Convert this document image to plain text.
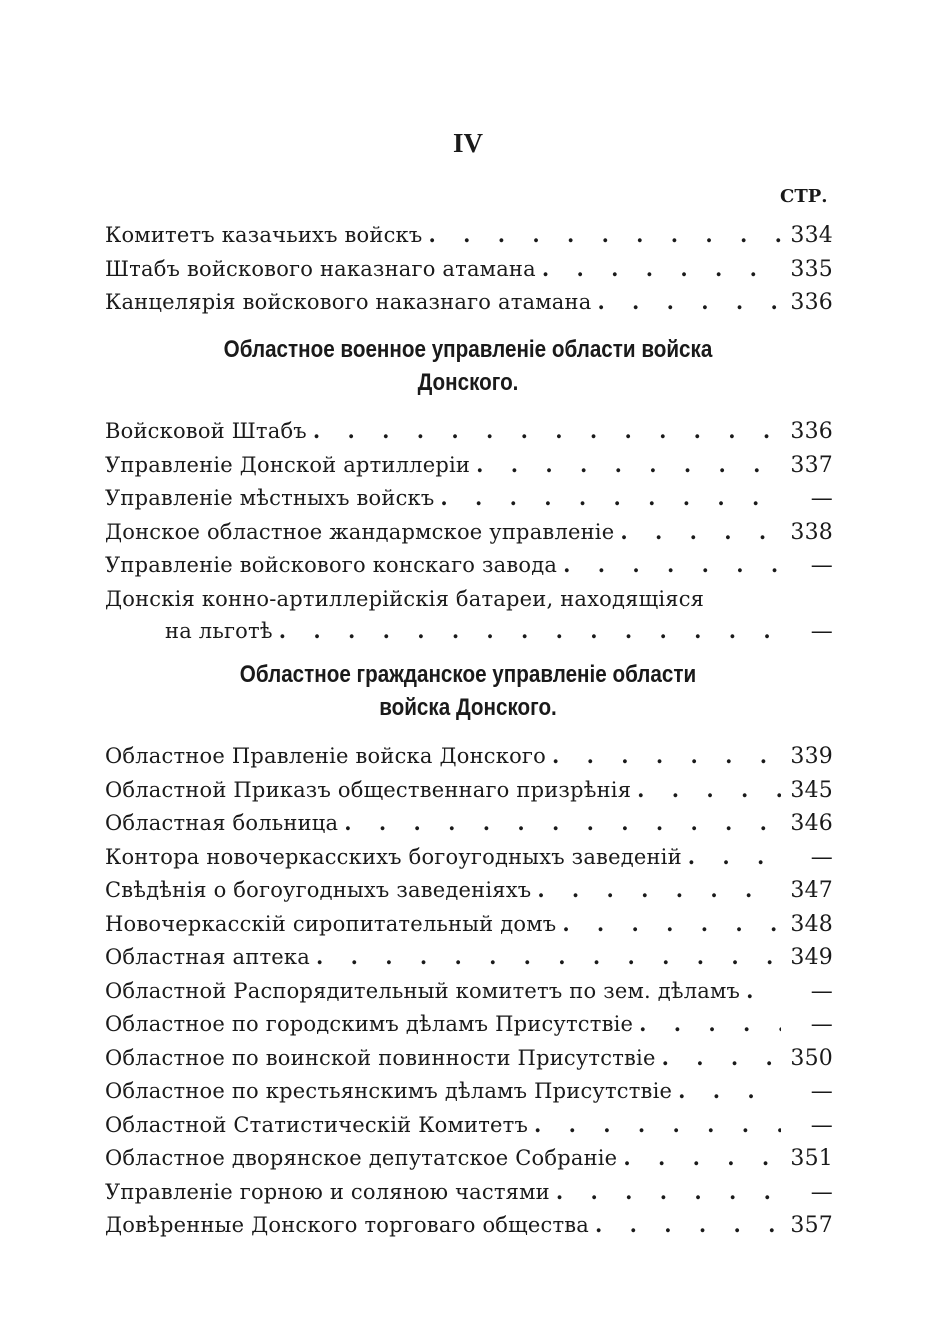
IV
СТР.
Комитетъ казачьихъ войскъ . . .	334
Штабъ войскового наказнаго атамана . . .	335
Канцелярія войскового наказнаго атамана . . .	336
Областное военное управленіе области войска
Донского.
Войсковой Штабъ . . .	336
Управленіе Донской артиллеріи . . .	337
Управленіе мѣстныхъ войскъ . . .	—
Донское областное жандармское управленіе . . .	338
Управленіе войскового конскаго завода . . .	—
Донскія конно-артиллерійскія батареи, находящіяся
на льготѣ . . .	—
Областное гражданское управленіе области
войска Донского.
Областное Правленіе войска Донского . . .	339
Областной Приказъ общественнаго призрѣнія . . .	345
Областная больница . . .	346
Контора новочеркасскихъ богоугодныхъ заведеній . . .	—
Свѣдѣнія о богоугодныхъ заведеніяхъ . . .	347
Новочеркасскій сиропитательный домъ . . .	348
Областная аптека . . .	349
Областной Распорядительный комитетъ по зем. дѣламъ . . .	—
Областное по городскимъ дѣламъ Присутствіе . . .	—
Областное по воинской повинности Присутствіе . . .	350
Областное по крестьянскимъ дѣламъ Присутствіе . . .	—
Областной Статистическій Комитетъ . . .	—
Областное дворянское депутатское Собраніе . . .	351
Управленіе горною и соляною частями . . .	—
Довѣренные Донского торговаго общества . . .	357
